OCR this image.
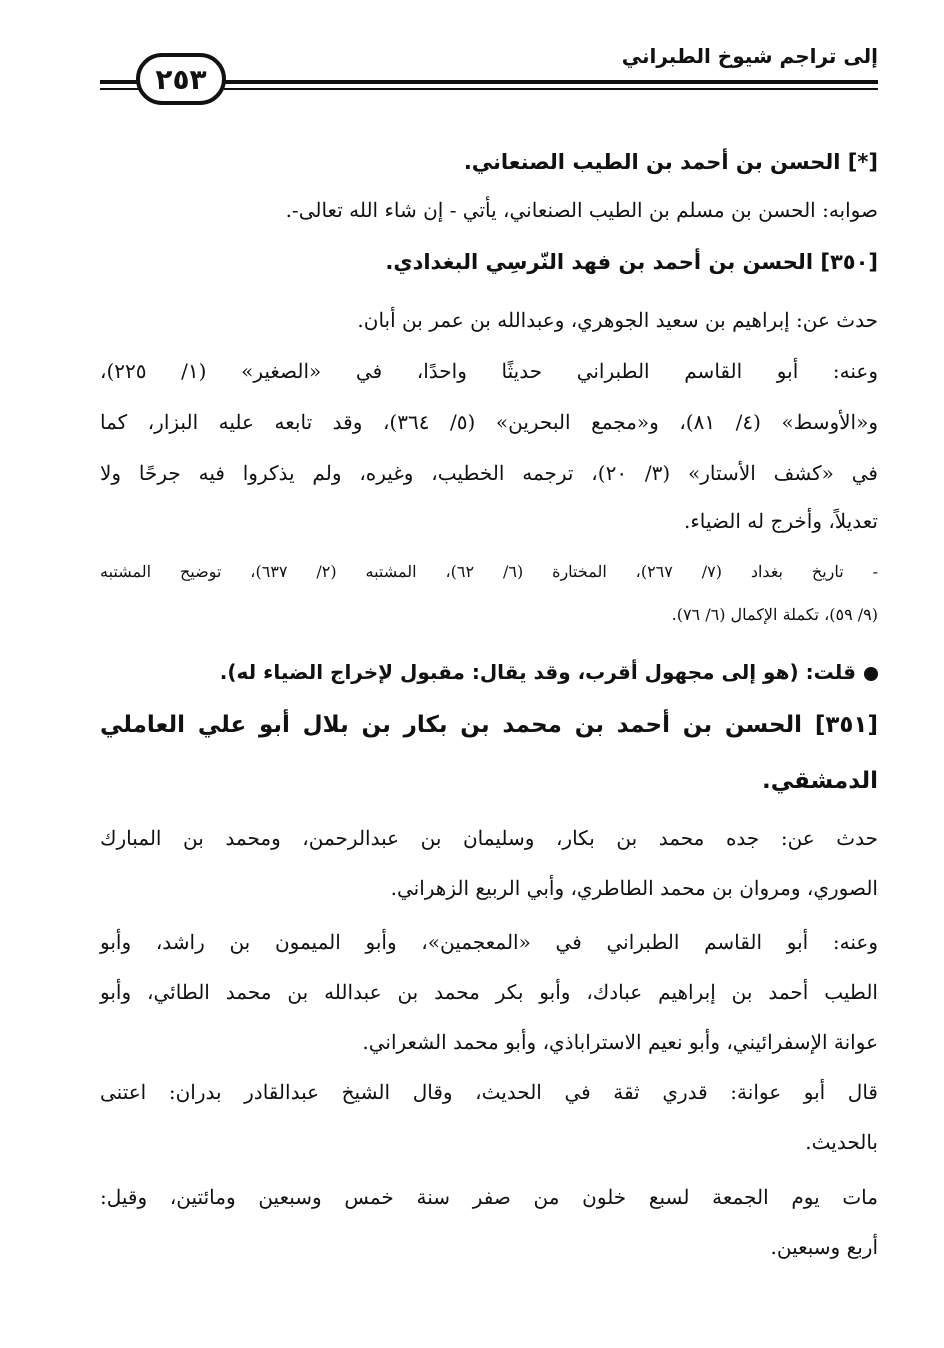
إلى تراجم شيوخ الطبراني
٢٥٣
[*] الحسن بن أحمد بن الطيب الصنعاني.
صوابه: الحسن بن مسلم بن الطيب الصنعاني، يأتي - إن شاء الله تعالى-.
[٣٥٠] الحسن بن أحمد بن فهد النّرسِي البغدادي.
حدث عن: إبراهيم بن سعيد الجوهري، وعبدالله بن عمر بن أبان.
وعنه: أبو القاسم الطبراني حديثًا واحدًا، في «الصغير» (١/ ٢٢٥)،
و«الأوسط» (٤/ ٨١)، و«مجمع البحرين» (٥/ ٣٦٤)، وقد تابعه عليه البزار، كما
في «كشف الأستار» (٣/ ٢٠)، ترجمه الخطيب، وغيره، ولم يذكروا فيه جرحًا ولا
تعديلاً، وأخرج له الضياء.
- تاريخ بغداد (٧/ ٢٦٧)، المختارة (٦/ ٦٢)، المشتبه (٢/ ٦٣٧)، توضيح المشتبه
(٩/ ٥٩)، تكملة الإكمال (٦/ ٧٦).
قلت: (هو إلى مجهول أقرب، وقد يقال: مقبول لإخراج الضياء له).
[٣٥١] الحسن بن أحمد بن محمد بن بكار بن بلال أبو علي العاملي
الدمشقي.
حدث عن: جده محمد بن بكار، وسليمان بن عبدالرحمن، ومحمد بن المبارك
الصوري، ومروان بن محمد الطاطري، وأبي الربيع الزهراني.
وعنه: أبو القاسم الطبراني في «المعجمين»، وأبو الميمون بن راشد، وأبو
الطيب أحمد بن إبراهيم عبادك، وأبو بكر محمد بن عبدالله بن محمد الطائي، وأبو
عوانة الإسفرائيني، وأبو نعيم الاستراباذي، وأبو محمد الشعراني.
قال أبو عوانة: قدري ثقة في الحديث، وقال الشيخ عبدالقادر بدران: اعتنى
بالحديث.
مات يوم الجمعة لسبع خلون من صفر سنة خمس وسبعين ومائتين، وقيل:
أربع وسبعين.
